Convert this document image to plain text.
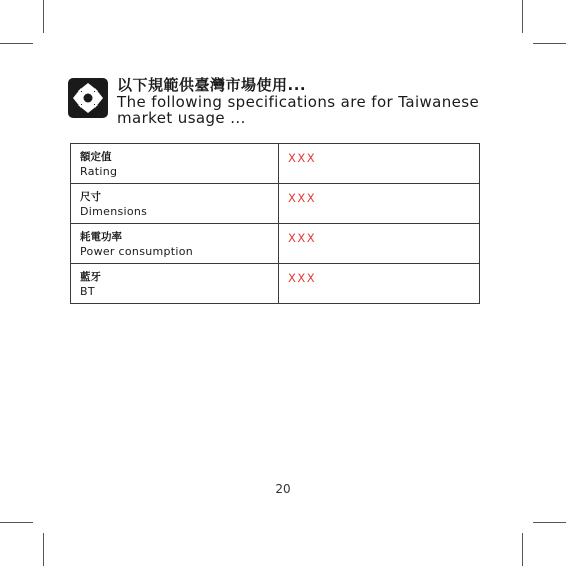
以下規範供臺灣市場使用...
The following specifications are for Taiwanese
market usage ...
額定值
Rating	XXX

尺寸
Dimensions	XXX

耗電功率
Power consumption	XXX

藍牙
BT	XXX
20
